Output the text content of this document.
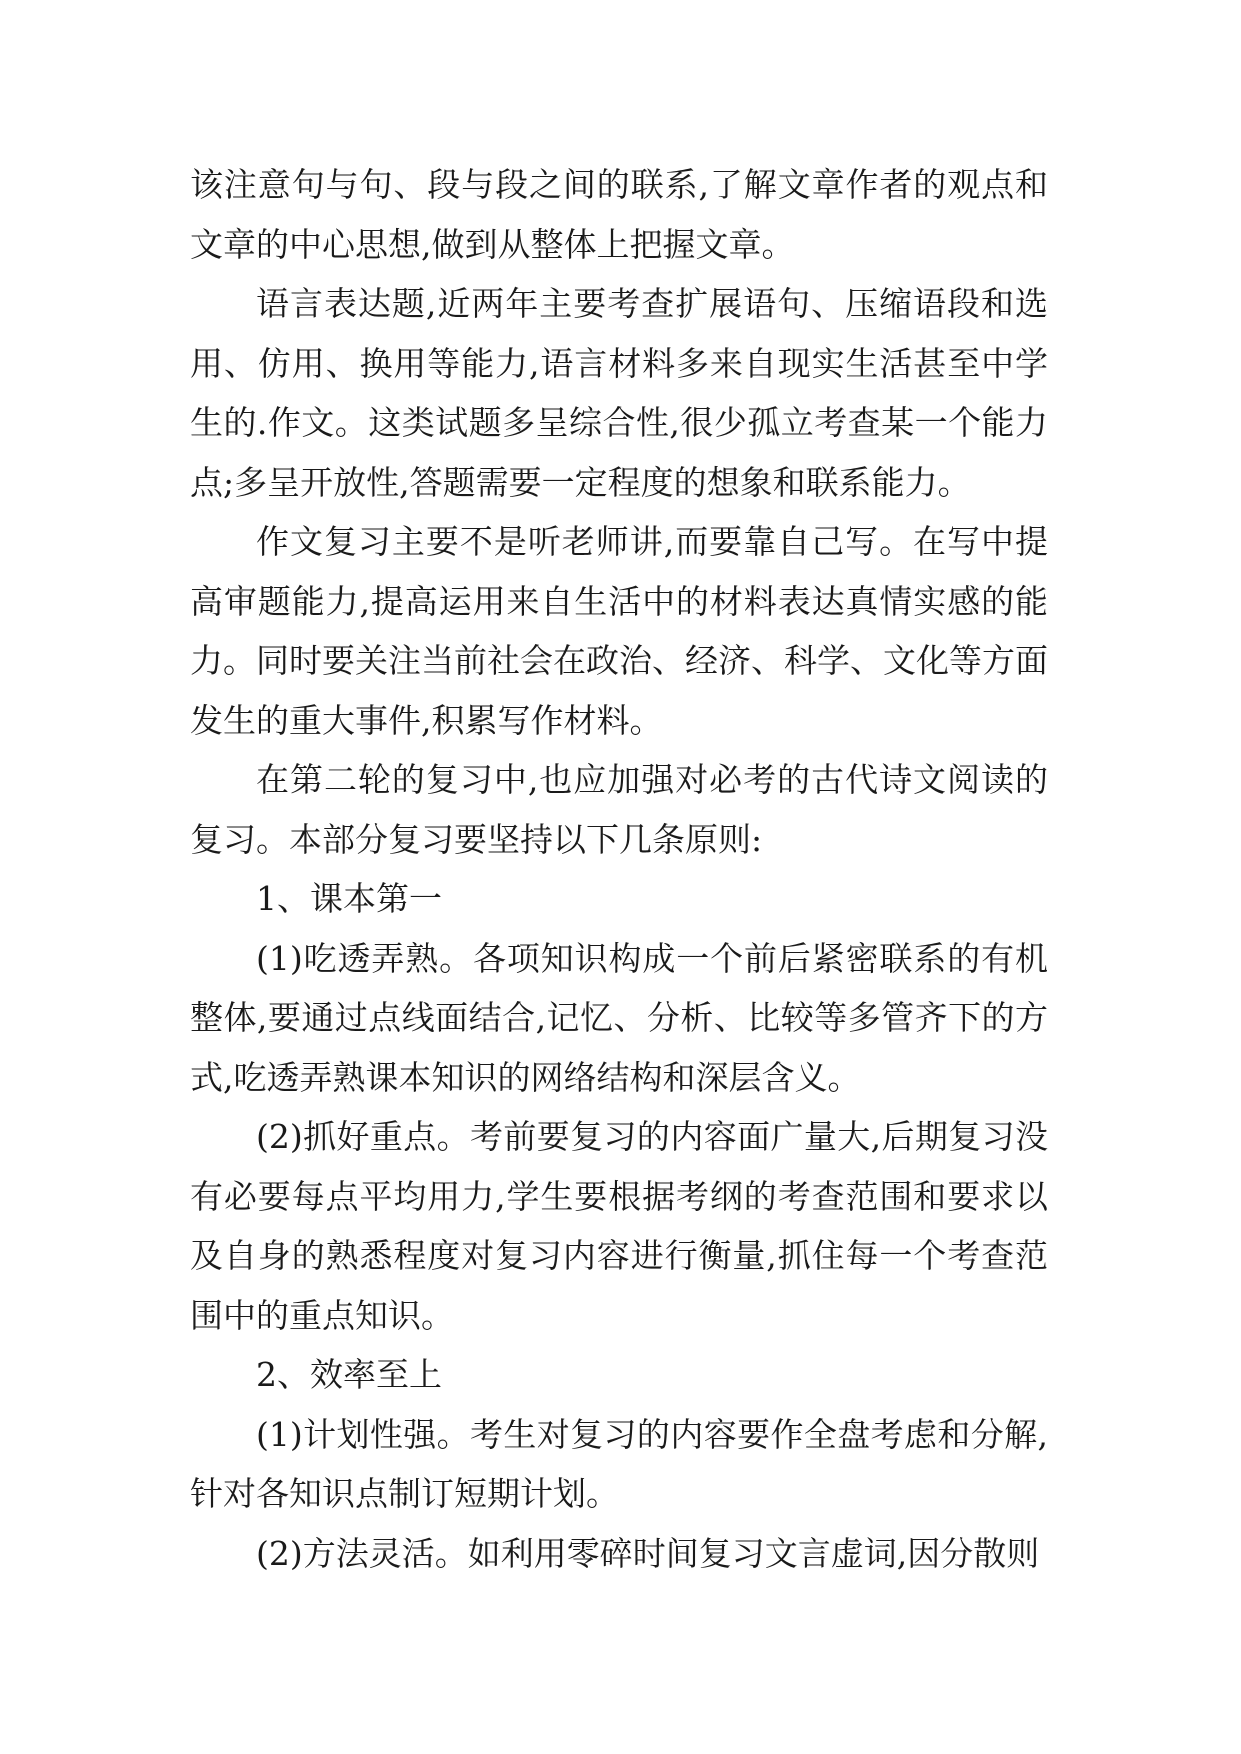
该注意句与句、段与段之间的联系,了解文章作者的观点和文章的中心思想,做到从整体上把握文章。

语言表达题,近两年主要考查扩展语句、压缩语段和选用、仿用、换用等能力,语言材料多来自现实生活甚至中学生的.作文。这类试题多呈综合性,很少孤立考查某一个能力点;多呈开放性,答题需要一定程度的想象和联系能力。

作文复习主要不是听老师讲,而要靠自己写。在写中提高审题能力,提高运用来自生活中的材料表达真情实感的能力。同时要关注当前社会在政治、经济、科学、文化等方面发生的重大事件,积累写作材料。

在第二轮的复习中,也应加强对必考的古代诗文阅读的复习。本部分复习要坚持以下几条原则:

1、课本第一

(1)吃透弄熟。各项知识构成一个前后紧密联系的有机整体,要通过点线面结合,记忆、分析、比较等多管齐下的方式,吃透弄熟课本知识的网络结构和深层含义。

(2)抓好重点。考前要复习的内容面广量大,后期复习没有必要每点平均用力,学生要根据考纲的考查范围和要求以及自身的熟悉程度对复习内容进行衡量,抓住每一个考查范围中的重点知识。

2、效率至上

(1)计划性强。考生对复习的内容要作全盘考虑和分解,针对各知识点制订短期计划。

(2)方法灵活。如利用零碎时间复习文言虚词,因分散则
